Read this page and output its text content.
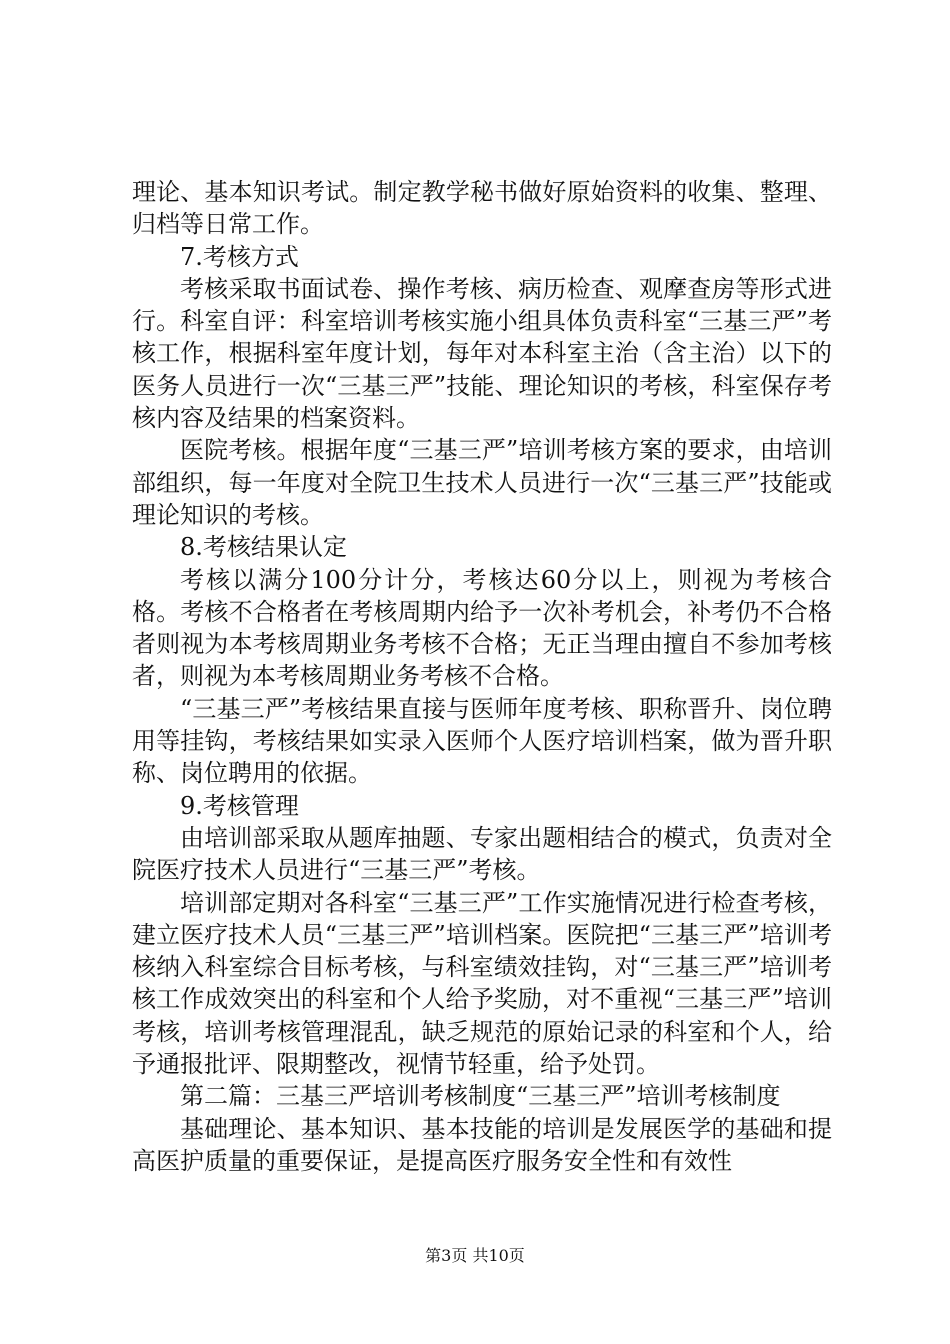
理论、基本知识考试。制定教学秘书做好原始资料的收集、整理、归档等日常工作。

7.考核方式

考核采取书面试卷、操作考核、病历检查、观摩查房等形式进行。科室自评：科室培训考核实施小组具体负责科室“三基三严”考核工作，根据科室年度计划，每年对本科室主治（含主治）以下的医务人员进行一次“三基三严”技能、理论知识的考核，科室保存考核内容及结果的档案资料。

医院考核。根据年度“三基三严”培训考核方案的要求，由培训部组织，每一年度对全院卫生技术人员进行一次“三基三严”技能或理论知识的考核。

8.考核结果认定

考核以满分100分计分，考核达60分以上，则视为考核合格。考核不合格者在考核周期内给予一次补考机会，补考仍不合格者则视为本考核周期业务考核不合格；无正当理由擅自不参加考核者，则视为本考核周期业务考核不合格。

“三基三严”考核结果直接与医师年度考核、职称晋升、岗位聘用等挂钩，考核结果如实录入医师个人医疗培训档案，做为晋升职称、岗位聘用的依据。

9.考核管理

由培训部采取从题库抽题、专家出题相结合的模式，负责对全院医疗技术人员进行“三基三严”考核。

培训部定期对各科室“三基三严”工作实施情况进行检查考核，建立医疗技术人员“三基三严”培训档案。医院把“三基三严”培训考核纳入科室综合目标考核，与科室绩效挂钩，对“三基三严”培训考核工作成效突出的科室和个人给予奖励，对不重视“三基三严”培训考核，培训考核管理混乱，缺乏规范的原始记录的科室和个人，给予通报批评、限期整改，视情节轻重，给予处罚。

第二篇：三基三严培训考核制度“三基三严”培训考核制度

基础理论、基本知识、基本技能的培训是发展医学的基础和提高医护质量的重要保证，是提高医疗服务安全性和有效性

第3页 共10页
